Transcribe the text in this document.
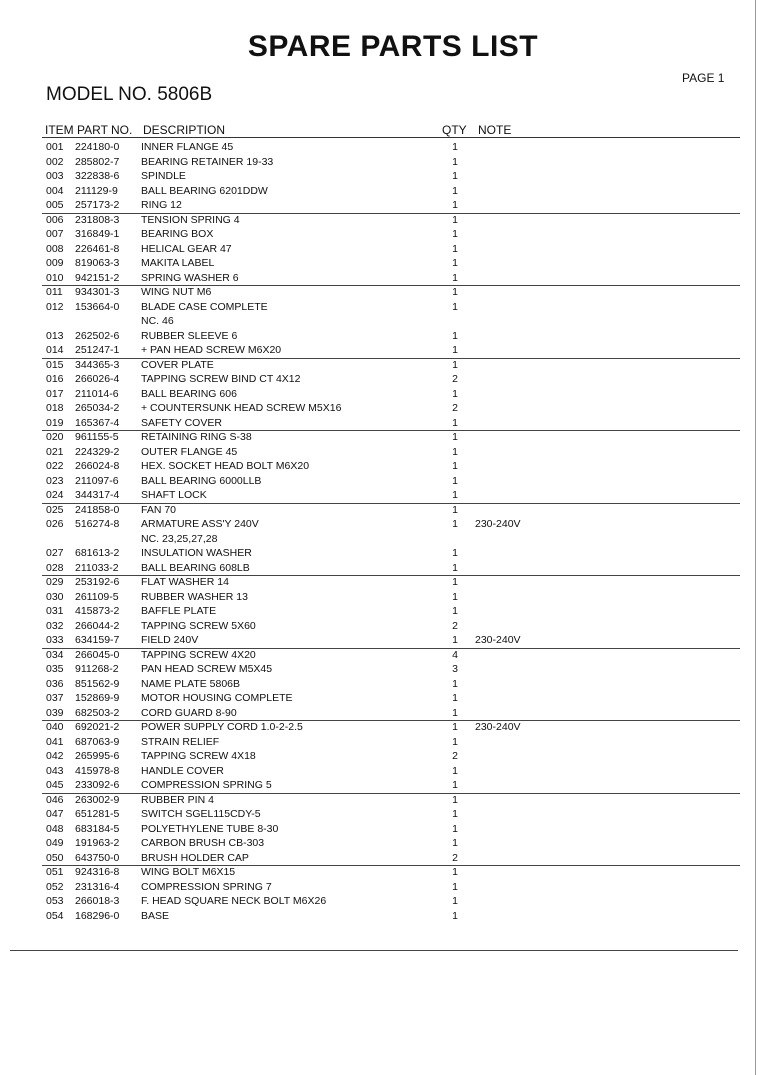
SPARE PARTS LIST
PAGE 1
MODEL NO. 5806B
ITEM PART NO. DESCRIPTION	QTY NOTE
001 224180-0 INNER FLANGE 45	1
002 285802-7 BEARING RETAINER 19-33	1
003 322838-6 SPINDLE	1
004 211129-9 BALL BEARING 6201DDW	1
005 257173-2 RING 12	1
006 231808-3 TENSION SPRING 4	1
007 316849-1 BEARING BOX	1
008 226461-8 HELICAL GEAR 47	1
009 819063-3 MAKITA LABEL	1
010 942151-2 SPRING WASHER 6	1
011 934301-3 WING NUT M6	1
012 153664-0 BLADE CASE COMPLETE	1
NC. 46
013 262502-6 RUBBER SLEEVE 6	1
014 251247-1 + PAN HEAD SCREW M6X20	1
015 344365-3 COVER PLATE	1
016 266026-4 TAPPING SCREW BIND CT 4X12	2
017 211014-6 BALL BEARING 606	1
018 265034-2 + COUNTERSUNK HEAD SCREW M5X16	2
019 165367-4 SAFETY COVER	1
020 961155-5 RETAINING RING S-38	1
021 224329-2 OUTER FLANGE 45	1
022 266024-8 HEX. SOCKET HEAD BOLT M6X20	1
023 211097-6 BALL BEARING 6000LLB	1
024 344317-4 SHAFT LOCK	1
025 241858-0 FAN 70	1
026 516274-8 ARMATURE ASS'Y 240V	1 230-240V
NC. 23,25,27,28
027 681613-2 INSULATION WASHER	1
028 211033-2 BALL BEARING 608LB	1
029 253192-6 FLAT WASHER 14	1
030 261109-5 RUBBER WASHER 13	1
031 415873-2 BAFFLE PLATE	1
032 266044-2 TAPPING SCREW 5X60	2
033 634159-7 FIELD 240V	1 230-240V
034 266045-0 TAPPING SCREW 4X20	4
035 911268-2 PAN HEAD SCREW M5X45	3
036 851562-9 NAME PLATE 5806B	1
037 152869-9 MOTOR HOUSING COMPLETE	1
039 682503-2 CORD GUARD 8-90	1
040 692021-2 POWER SUPPLY CORD 1.0-2-2.5	1 230-240V
041 687063-9 STRAIN RELIEF	1
042 265995-6 TAPPING SCREW 4X18	2
043 415978-8 HANDLE COVER	1
045 233092-6 COMPRESSION SPRING 5	1
046 263002-9 RUBBER PIN 4	1
047 651281-5 SWITCH SGEL115CDY-5	1
048 683184-5 POLYETHYLENE TUBE 8-30	1
049 191963-2 CARBON BRUSH CB-303	1
050 643750-0 BRUSH HOLDER CAP	2
051 924316-8 WING BOLT M6X15	1
052 231316-4 COMPRESSION SPRING 7	1
053 266018-3 F. HEAD SQUARE NECK BOLT M6X26	1
054 168296-0 BASE	1
